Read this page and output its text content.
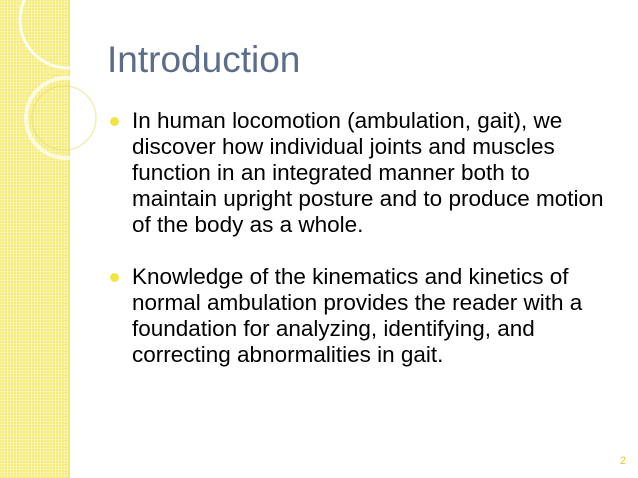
Introduction
In human locomotion (ambulation, gait), we discover how individual joints and muscles function in an integrated manner both to maintain upright posture and to produce motion of the body as a whole.
Knowledge of the kinematics and kinetics of normal ambulation provides the reader with a foundation for analyzing, identifying, and correcting abnormalities in gait.
2
